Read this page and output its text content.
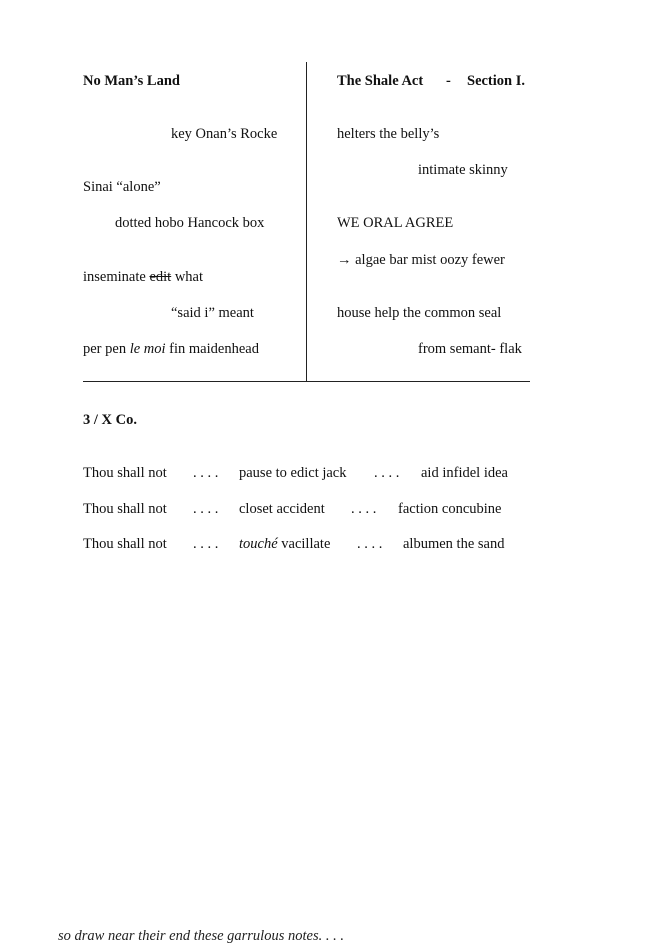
No Man’s Land
key Onan’s Rocke
Sinai “alone”
dotted hobo Hancock box
inseminate edit what
“said i” meant
per pen le moi fin maidenhead
The Shale Act - Section I.
helters the belly’s
intimate skinny
WE ORAL AGREE
→ algae bar mist oozy fewer
house help the common seal
from semant- flak
3 / X Co.
Thou shall not . . . . pause to edict jack . . . . aid infidel idea
Thou shall not . . . . closet accident . . . . faction concubine
Thou shall not . . . . touché vacillate . . . . albumen the sand
so draw near their end these garrulous notes. . . .
